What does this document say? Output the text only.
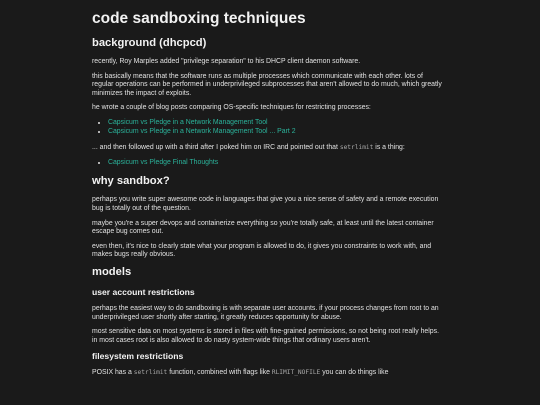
code sandboxing techniques
background (dhcpcd)

recently, Roy Marples added "privilege separation" to his DHCP client daemon software.

this basically means that the software runs as multiple processes which communicate with each other. lots of regular operations can be performed in underprivileged subprocesses that aren't allowed to do much, which greatly minimizes the impact of exploits.

he wrote a couple of blog posts comparing OS-specific techniques for restricting processes:

• Capsicum vs Pledge in a Network Management Tool
• Capsicum vs Pledge in a Network Management Tool ... Part 2

... and then followed up with a third after I poked him on IRC and pointed out that setrlimit is a thing:

• Capsicum vs Pledge Final Thoughts
why sandbox?

perhaps you write super awesome code in languages that give you a nice sense of safety and a remote execution bug is totally out of the question.

maybe you're a super devops and containerize everything so you're totally safe, at least until the latest container escape bug comes out.

even then, it's nice to clearly state what your program is allowed to do, it gives you constraints to work with, and makes bugs really obvious.

models
user account restrictions

perhaps the easiest way to do sandboxing is with separate user accounts. if your process changes from root to an underprivileged user shortly after starting, it greatly reduces opportunity for abuse.

most sensitive data on most systems is stored in files with fine-grained permissions, so not being root really helps. in most cases root is also allowed to do nasty system-wide things that ordinary users aren't.

filesystem restrictions

POSIX has a setrlimit function, combined with flags like RLIMIT_NOFILE you can do things like
